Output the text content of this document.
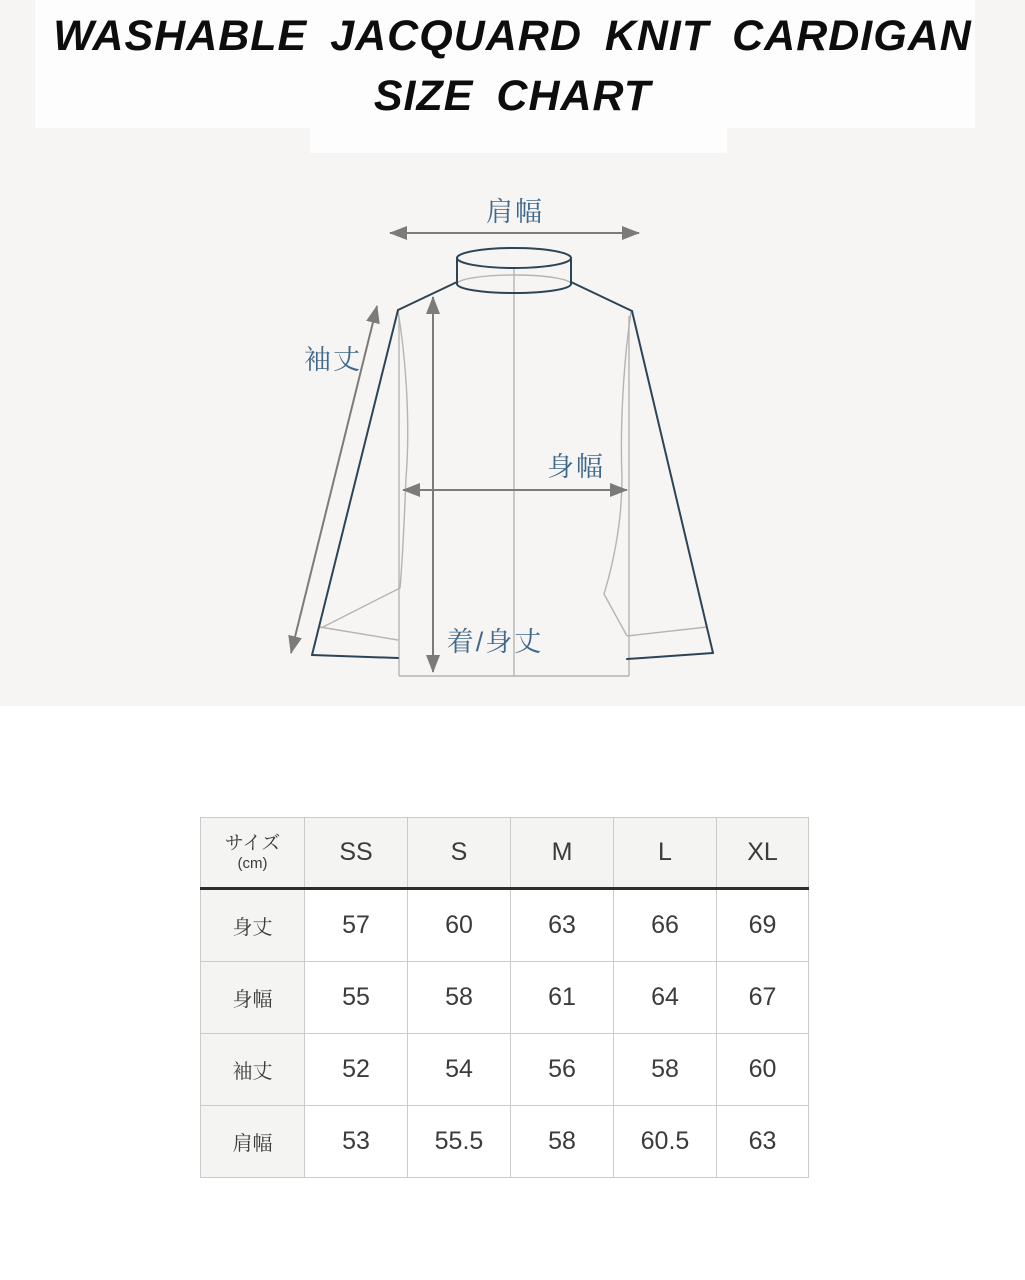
WASHABLE JACQUARD KNIT CARDIGAN
SIZE CHART
肩幅
袖丈
身幅
着/身丈
サイズ
(cm)	SS	S	M	L	XL
身丈	57	60	63	66	69
身幅	55	58	61	64	67
袖丈	52	54	56	58	60
肩幅	53	55.5	58	60.5	63
